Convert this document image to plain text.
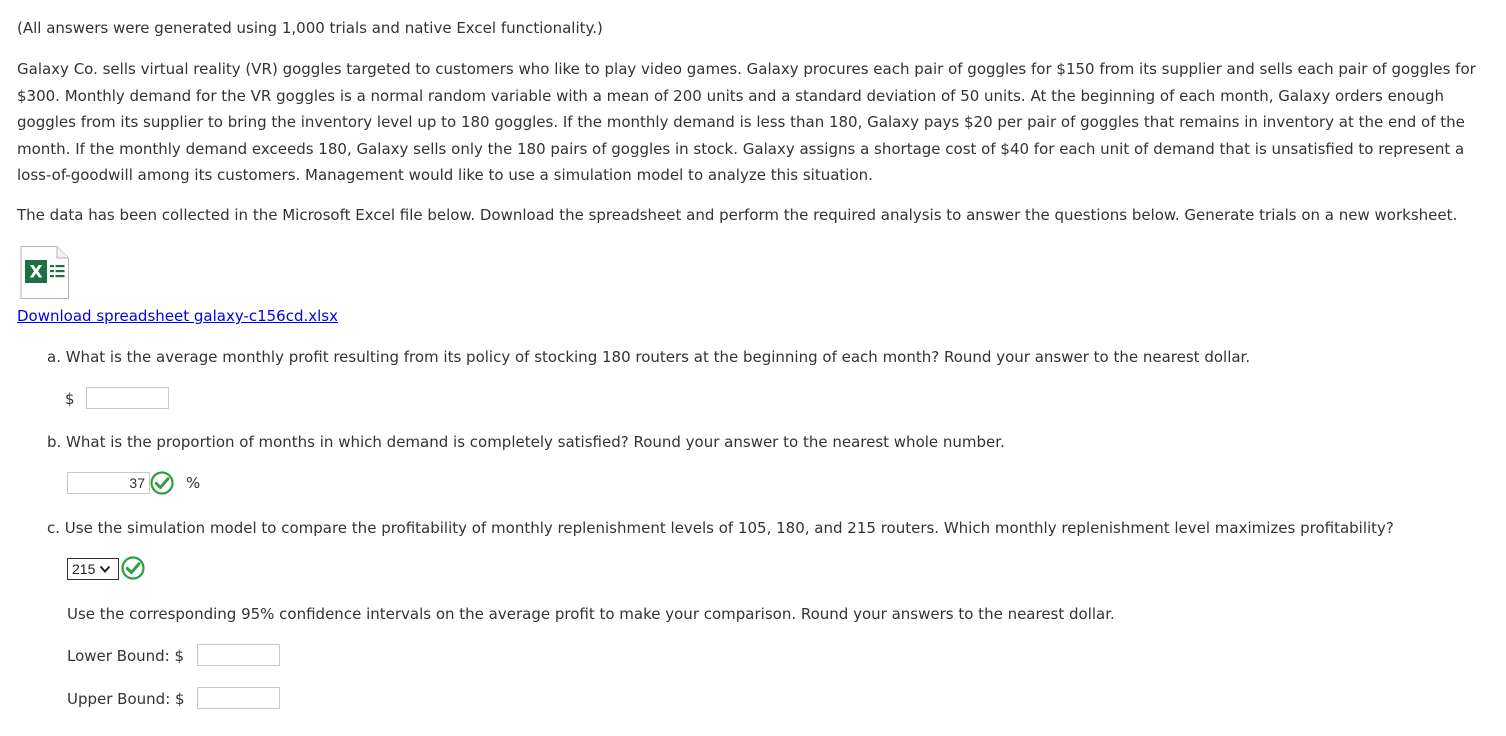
(All answers were generated using 1,000 trials and native Excel functionality.)

Galaxy Co. sells virtual reality (VR) goggles targeted to customers who like to play video games. Galaxy procures each pair of goggles for $150 from its supplier and sells each pair of goggles for $300. Monthly demand for the VR goggles is a normal random variable with a mean of 200 units and a standard deviation of 50 units. At the beginning of each month, Galaxy orders enough goggles from its supplier to bring the inventory level up to 180 goggles. If the monthly demand is less than 180, Galaxy pays $20 per pair of goggles that remains in inventory at the end of the month. If the monthly demand exceeds 180, Galaxy sells only the 180 pairs of goggles in stock. Galaxy assigns a shortage cost of $40 for each unit of demand that is unsatisfied to represent a loss-of-goodwill among its customers. Management would like to use a simulation model to analyze this situation.

The data has been collected in the Microsoft Excel file below. Download the spreadsheet and perform the required analysis to answer the questions below. Generate trials on a new worksheet.

X
Download spreadsheet galaxy-c156cd.xlsx

a. What is the average monthly profit resulting from its policy of stocking 180 routers at the beginning of each month? Round your answer to the nearest dollar.

$

b. What is the proportion of months in which demand is completely satisfied? Round your answer to the nearest whole number.

37
%

c. Use the simulation model to compare the profitability of monthly replenishment levels of 105, 180, and 215 routers. Which monthly replenishment level maximizes profitability?

215

Use the corresponding 95% confidence intervals on the average profit to make your comparison. Round your answers to the nearest dollar.

Lower Bound: $
Upper Bound: $
